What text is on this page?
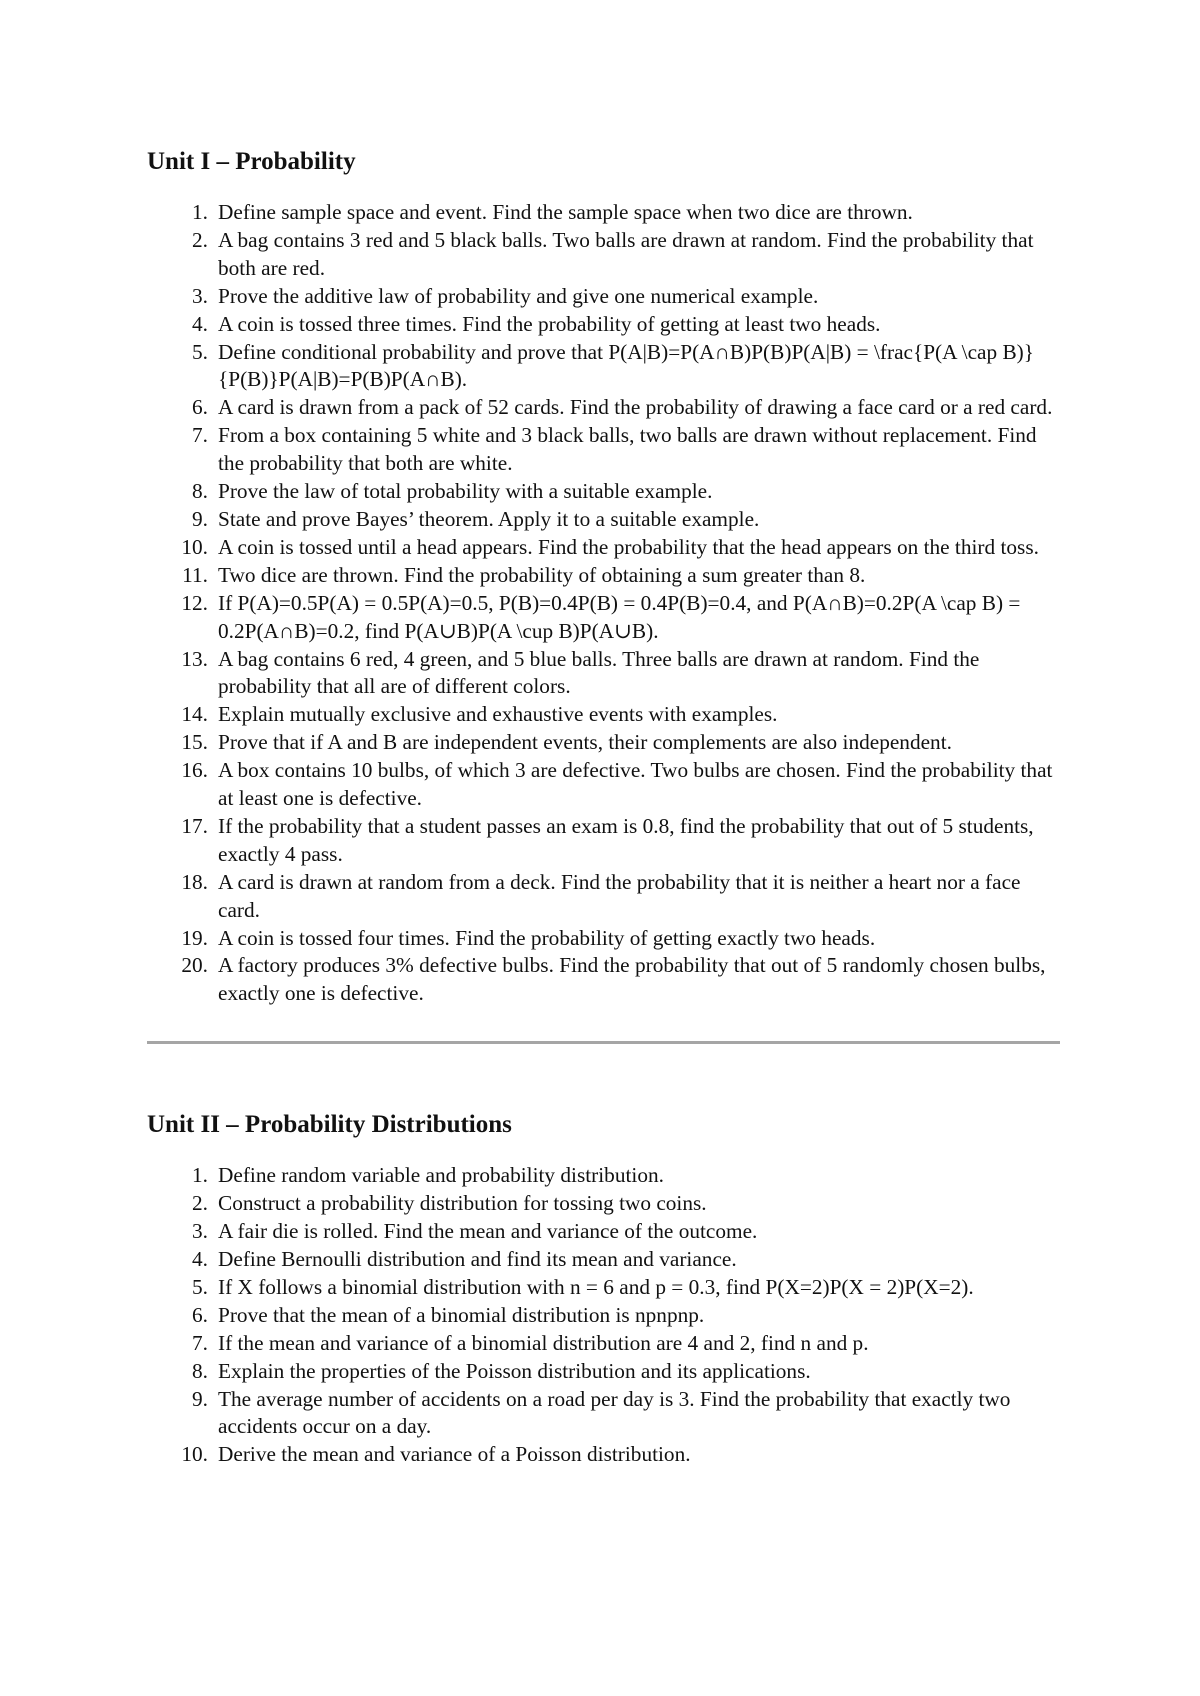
Unit I – Probability
1. Define sample space and event. Find the sample space when two dice are thrown.
2. A bag contains 3 red and 5 black balls. Two balls are drawn at random. Find the probability that both are red.
3. Prove the additive law of probability and give one numerical example.
4. A coin is tossed three times. Find the probability of getting at least two heads.
5. Define conditional probability and prove that P(A|B)=P(A∩B)P(B)P(A|B) = \frac{P(A \cap B)}{P(B)}P(A|B)=P(B)P(A∩B).
6. A card is drawn from a pack of 52 cards. Find the probability of drawing a face card or a red card.
7. From a box containing 5 white and 3 black balls, two balls are drawn without replacement. Find the probability that both are white.
8. Prove the law of total probability with a suitable example.
9. State and prove Bayes’ theorem. Apply it to a suitable example.
10. A coin is tossed until a head appears. Find the probability that the head appears on the third toss.
11. Two dice are thrown. Find the probability of obtaining a sum greater than 8.
12. If P(A)=0.5P(A) = 0.5P(A)=0.5, P(B)=0.4P(B) = 0.4P(B)=0.4, and P(A∩B)=0.2P(A \cap B) = 0.2P(A∩B)=0.2, find P(A∪B)P(A \cup B)P(A∪B).
13. A bag contains 6 red, 4 green, and 5 blue balls. Three balls are drawn at random. Find the probability that all are of different colors.
14. Explain mutually exclusive and exhaustive events with examples.
15. Prove that if A and B are independent events, their complements are also independent.
16. A box contains 10 bulbs, of which 3 are defective. Two bulbs are chosen. Find the probability that at least one is defective.
17. If the probability that a student passes an exam is 0.8, find the probability that out of 5 students, exactly 4 pass.
18. A card is drawn at random from a deck. Find the probability that it is neither a heart nor a face card.
19. A coin is tossed four times. Find the probability of getting exactly two heads.
20. A factory produces 3% defective bulbs. Find the probability that out of 5 randomly chosen bulbs, exactly one is defective.
Unit II – Probability Distributions
1. Define random variable and probability distribution.
2. Construct a probability distribution for tossing two coins.
3. A fair die is rolled. Find the mean and variance of the outcome.
4. Define Bernoulli distribution and find its mean and variance.
5. If X follows a binomial distribution with n = 6 and p = 0.3, find P(X=2)P(X = 2)P(X=2).
6. Prove that the mean of a binomial distribution is npnpnp.
7. If the mean and variance of a binomial distribution are 4 and 2, find n and p.
8. Explain the properties of the Poisson distribution and its applications.
9. The average number of accidents on a road per day is 3. Find the probability that exactly two accidents occur on a day.
10. Derive the mean and variance of a Poisson distribution.
